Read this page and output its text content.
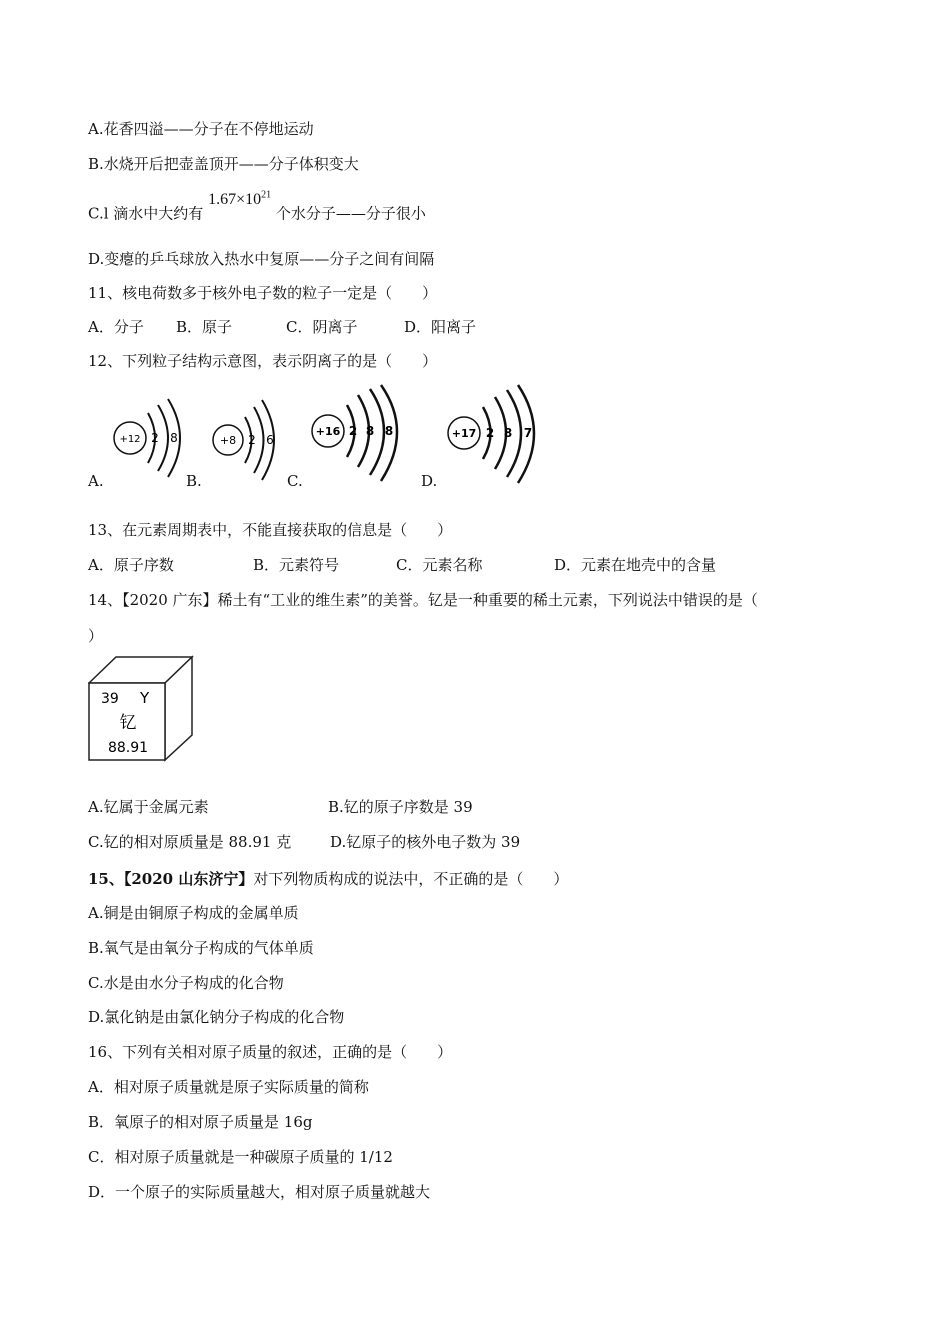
A.花香四溢——分子在不停地运动
B.水烧开后把壶盖顶开——分子体积变大
C.l 滴水中大约有 $1.67\times 10^{21}$ 个水分子——分子很小
D.变瘪的乒乓球放入热水中复原——分子之间有间隔
11、核电荷数多于核外电子数的粒子一定是（　　）
A．分子 B．原子	C．阴离子	D．阳离子
12、下列粒子结构示意图，表示阴离子的是（　　）
+12 2 8	+8 2 6
+16 2 8 8	+17 2 8 7
A.	B.	C.	D.
13、在元素周期表中，不能直接获取的信息是（　　）
A．原子序数	B．元素符号	C．元素名称	D．元素在地壳中的含量
14、【2020 广东】稀土有“工业的维生素”的美誉。钇是一种重要的稀土元素，下列说法中错误的是（
）
39 Y
钇
88.91
A.钇属于金属元素	B.钇的原子序数是 39
C.钇的相对原质量是 88.91 克	D.钇原子的核外电子数为 39
15、【2020 山东济宁】对下列物质构成的说法中，不正确的是（　　）
A.铜是由铜原子构成的金属单质
B.氧气是由氧分子构成的气体单质
C.水是由水分子构成的化合物
D.氯化钠是由氯化钠分子构成的化合物
16、下列有关相对原子质量的叙述，正确的是（　　）
A．相对原子质量就是原子实际质量的简称
B．氧原子的相对原子质量是 16g
C．相对原子质量就是一种碳原子质量的 1/12
D．一个原子的实际质量越大，相对原子质量就越大
